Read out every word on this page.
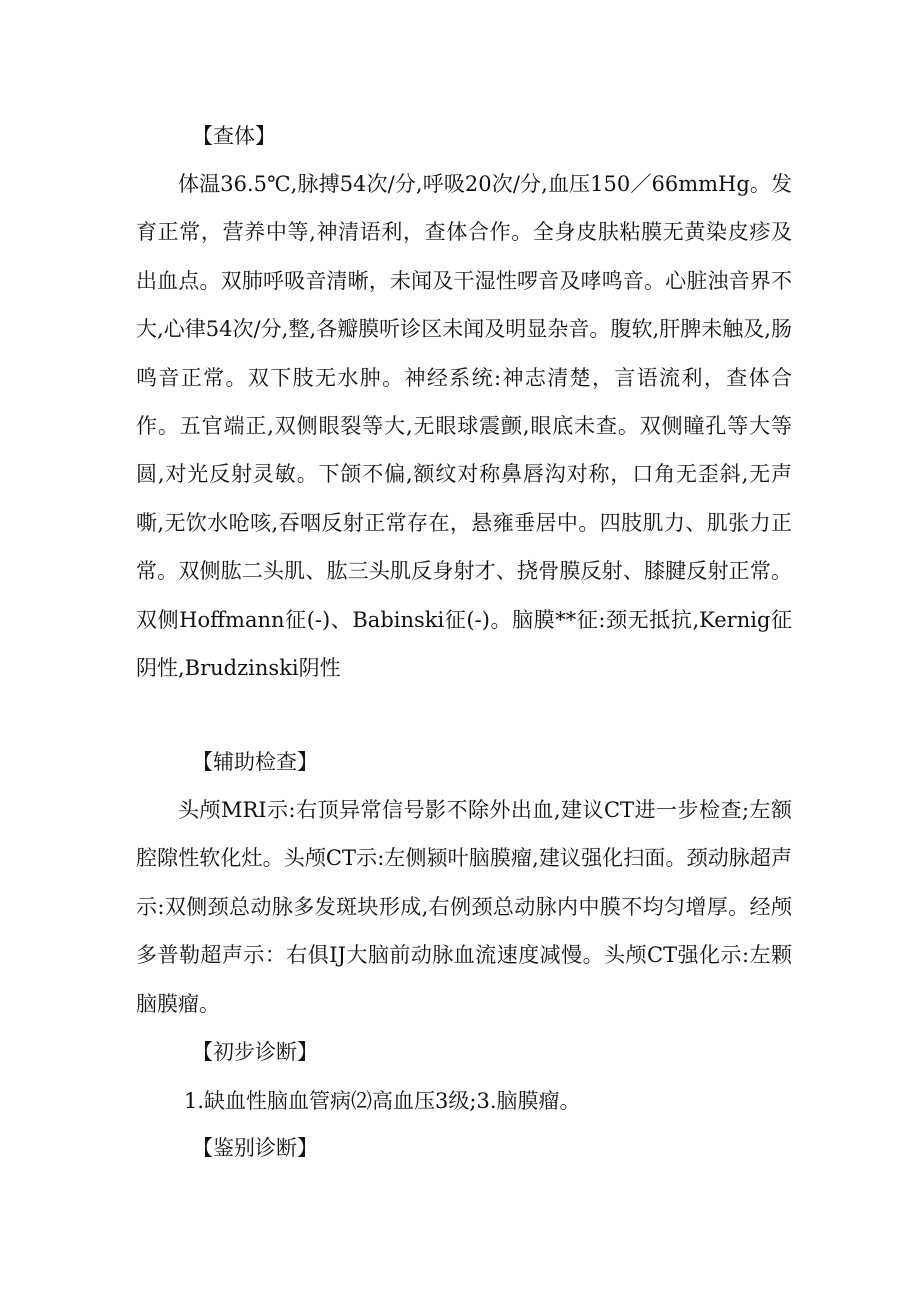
【查体】
体温36.5℃,脉搏54次/分,呼吸20次/分,血压150／66mmHg。发育正常，营养中等,神清语利，查体合作。全身皮肤粘膜无黄染皮疹及出血点。双肺呼吸音清晰，未闻及干湿性啰音及哮鸣音。心脏浊音界不大,心律54次/分,整,各瓣膜听诊区未闻及明显杂音。腹软,肝脾未触及,肠鸣音正常。双下肢无水肿。神经系统:神志清楚，言语流利，查体合作。五官端正,双侧眼裂等大,无眼球震颤,眼底未查。双侧瞳孔等大等圆,对光反射灵敏。下颌不偏,额纹对称鼻唇沟对称，口角无歪斜,无声嘶,无饮水呛咳,吞咽反射正常存在，悬雍垂居中。四肢肌力、肌张力正常。双侧肱二头肌、肱三头肌反身射才、挠骨膜反射、膝腱反射正常。双侧Hoffmann征(-)、Babinski征(-)。脑膜**征:颈无抵抗,Kernig征阴性,Brudzinski阴性
【辅助检查】
头颅MRI示:右顶异常信号影不除外出血,建议CT进一步检查;左额腔隙性软化灶。头颅CT示:左侧颍叶脑膜瘤,建议强化扫面。颈动脉超声示:双侧颈总动脉多发斑块形成,右例颈总动脉内中膜不均匀增厚。经颅多普勒超声示：右俱IJ大脑前动脉血流速度减慢。头颅CT强化示:左颗脑膜瘤。
【初步诊断】
1.缺血性脑血管病⑵高血压3级;3.脑膜瘤。
【鉴别诊断】
